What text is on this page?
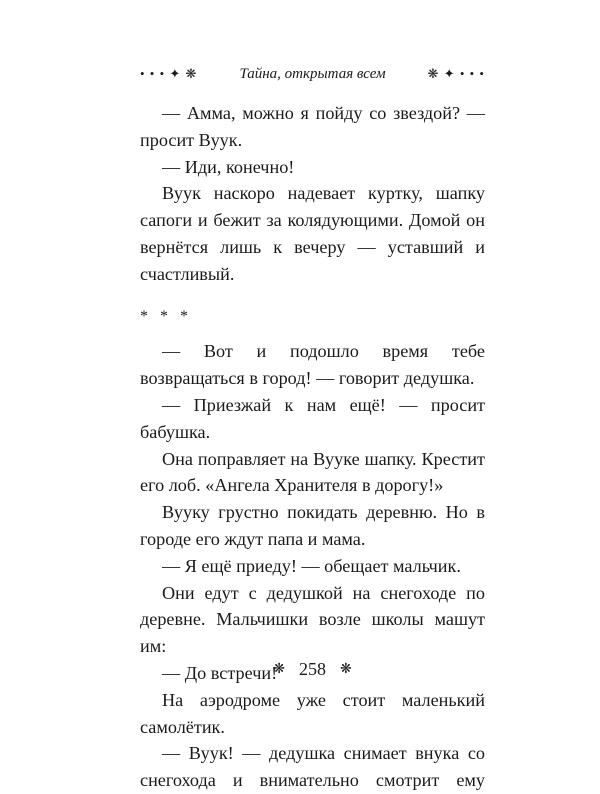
• • • ✦ ❋	Тайна, открытая всем	❋ ✦ • • •

— Амма, можно я пойду со звездой? — просит Вуук.

— Иди, конечно!

Вуук наскоро надевает куртку, шапку сапоги и бежит за колядующими. Домой он вернётся лишь к вечеру — уставший и счастливый.

* * *

— Вот и подошло время тебе возвращаться в город! — говорит дедушка.

— Приезжай к нам ещё! — просит бабушка.

Она поправляет на Вууке шапку. Крестит его лоб. «Ангела Хранителя в дорогу!»

Вууку грустно покидать деревню. Но в городе его ждут папа и мама.

— Я ещё приеду! — обещает мальчик.

Они едут с дедушкой на снегоходе по деревне. Мальчишки возле школы машут им:

— До встречи!

На аэродроме уже стоит маленький самолётик.

— Вуук! — дедушка снимает внука со снегохода и внимательно смотрит ему

❋ 258 ❋
